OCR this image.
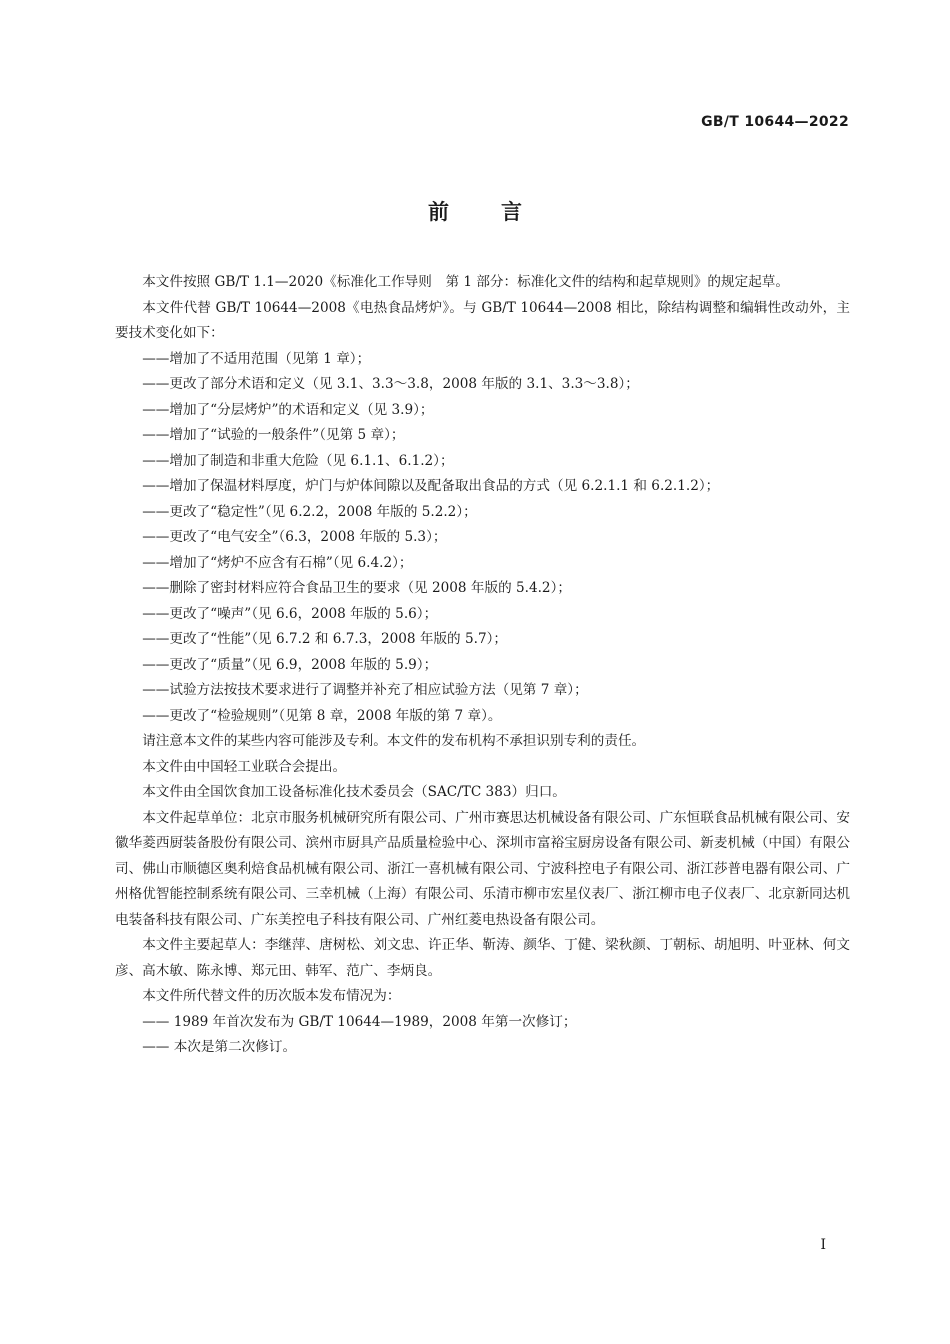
GB/T 10644—2022
前言

本文件按照 GB/T 1.1—2020《标准化工作导则　第 1 部分：标准化文件的结构和起草规则》的规定起草。

本文件代替 GB/T 10644—2008《电热食品烤炉》。与 GB/T 10644—2008 相比，除结构调整和编辑性改动外，主要技术变化如下：

——增加了不适用范围（见第 1 章）；

——更改了部分术语和定义（见 3.1、3.3～3.8，2008 年版的 3.1、3.3～3.8）；

——增加了“分层烤炉”的术语和定义（见 3.9）；

——增加了“试验的一般条件”（见第 5 章）；

——增加了制造和非重大危险（见 6.1.1、6.1.2）；

——增加了保温材料厚度，炉门与炉体间隙以及配备取出食品的方式（见 6.2.1.1 和 6.2.1.2）；

——更改了“稳定性”（见 6.2.2，2008 年版的 5.2.2）；

——更改了“电气安全”（6.3，2008 年版的 5.3）；

——增加了“烤炉不应含有石棉”（见 6.4.2）；

——删除了密封材料应符合食品卫生的要求（见 2008 年版的 5.4.2）；

——更改了“噪声”（见 6.6，2008 年版的 5.6）；

——更改了“性能”（见 6.7.2 和 6.7.3，2008 年版的 5.7）；

——更改了“质量”（见 6.9，2008 年版的 5.9）；

——试验方法按技术要求进行了调整并补充了相应试验方法（见第 7 章）；

——更改了“检验规则”（见第 8 章，2008 年版的第 7 章）。

请注意本文件的某些内容可能涉及专利。本文件的发布机构不承担识别专利的责任。

本文件由中国轻工业联合会提出。

本文件由全国饮食加工设备标准化技术委员会（SAC/TC 383）归口。

本文件起草单位：北京市服务机械研究所有限公司、广州市赛思达机械设备有限公司、广东恒联食品机械有限公司、安徽华菱西厨装备股份有限公司、滨州市厨具产品质量检验中心、深圳市富裕宝厨房设备有限公司、新麦机械（中国）有限公司、佛山市顺德区奥利焙食品机械有限公司、浙江一喜机械有限公司、宁波科控电子有限公司、浙江莎普电器有限公司、广州格优智能控制系统有限公司、三幸机械（上海）有限公司、乐清市柳市宏星仪表厂、浙江柳市电子仪表厂、北京新同达机电装备科技有限公司、广东美控电子科技有限公司、广州红菱电热设备有限公司。

本文件主要起草人：李继萍、唐树松、刘文忠、许正华、靳涛、颜华、丁健、梁秋颜、丁朝标、胡旭明、叶亚林、何文彦、高木敏、陈永博、郑元田、韩军、范广、李炳良。

本文件所代替文件的历次版本发布情况为：

—— 1989 年首次发布为 GB/T 10644—1989，2008 年第一次修订；

—— 本次是第二次修订。

Ⅰ
